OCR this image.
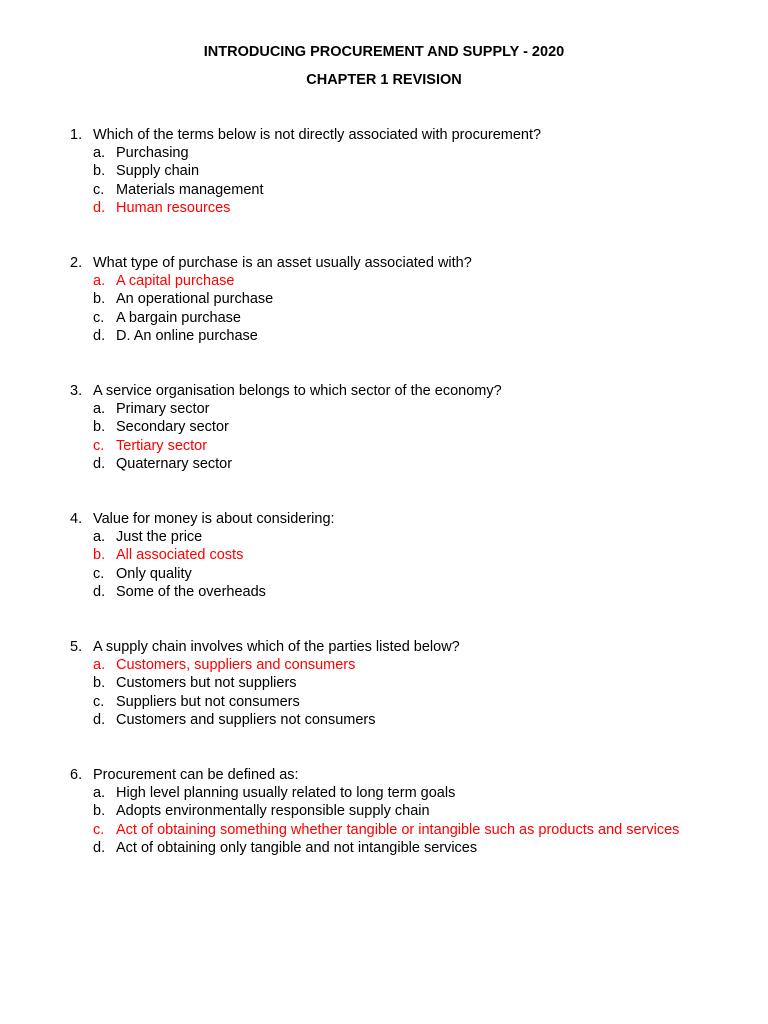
INTRODUCING PROCUREMENT AND SUPPLY - 2020
CHAPTER 1 REVISION
1. Which of the terms below is not directly associated with procurement?
a. Purchasing
b. Supply chain
c. Materials management
d. Human resources
2. What type of purchase is an asset usually associated with?
a. A capital purchase
b. An operational purchase
c. A bargain purchase
d. D. An online purchase
3. A service organisation belongs to which sector of the economy?
a. Primary sector
b. Secondary sector
c. Tertiary sector
d. Quaternary sector
4. Value for money is about considering:
a. Just the price
b. All associated costs
c. Only quality
d. Some of the overheads
5. A supply chain involves which of the parties listed below?
a. Customers, suppliers and consumers
b. Customers but not suppliers
c. Suppliers but not consumers
d. Customers and suppliers not consumers
6. Procurement can be defined as:
a. High level planning usually related to long term goals
b. Adopts environmentally responsible supply chain
c. Act of obtaining something whether tangible or intangible such as products and services
d. Act of obtaining only tangible and not intangible services
